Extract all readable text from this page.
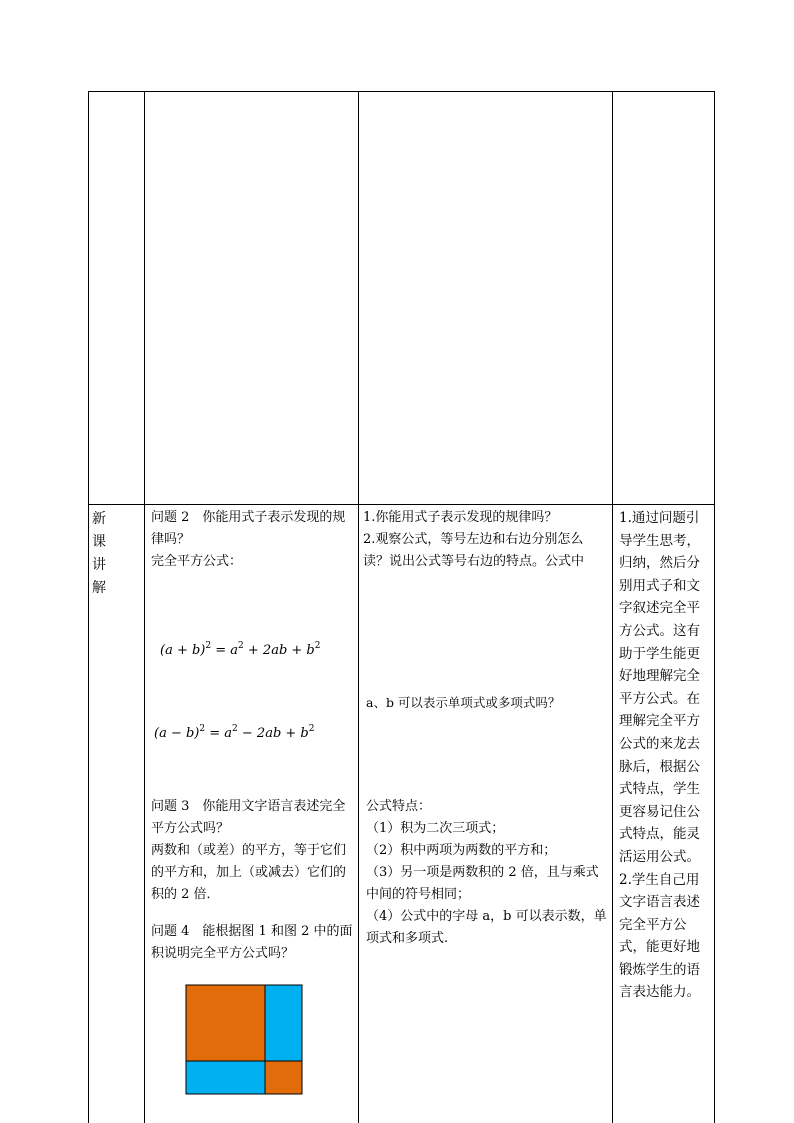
新
课
讲
解

问题 2　你能用式子表示发现的规律吗？

完全平方公式：

$(a + b)^2 = a^2 + 2ab + b^2$
$(a - b)^2 = a^2 - 2ab + b^2$

问题 3　你能用文字语言表述完全平方公式吗？

两数和（或差）的平方，等于它们的平方和，加上（或减去）它们的积的 2 倍．

问题 4　能根据图 1 和图 2 中的面积说明完全平方公式吗？

1.你能用式子表示发现的规律吗？

2.观察公式，等号左边和右边分别怎么读？说出公式等号右边的特点。公式中

a、b 可以表示单项式或多项式吗？

公式特点：

（1）积为二次三项式；

（2）积中两项为两数的平方和；

（3）另一项是两数积的 2 倍，且与乘式中间的符号相同；

（4）公式中的字母 a，b 可以表示数，单项式和多项式.

1.通过问题引导学生思考，归纳，然后分别用式子和文字叙述完全平方公式。这有助于学生能更好地理解完全平方公式。在理解完全平方公式的来龙去脉后，根据公式特点，学生更容易记住公式特点，能灵活运用公式。2.学生自己用文字语言表述完全平方公式，能更好地锻炼学生的语言表达能力。
